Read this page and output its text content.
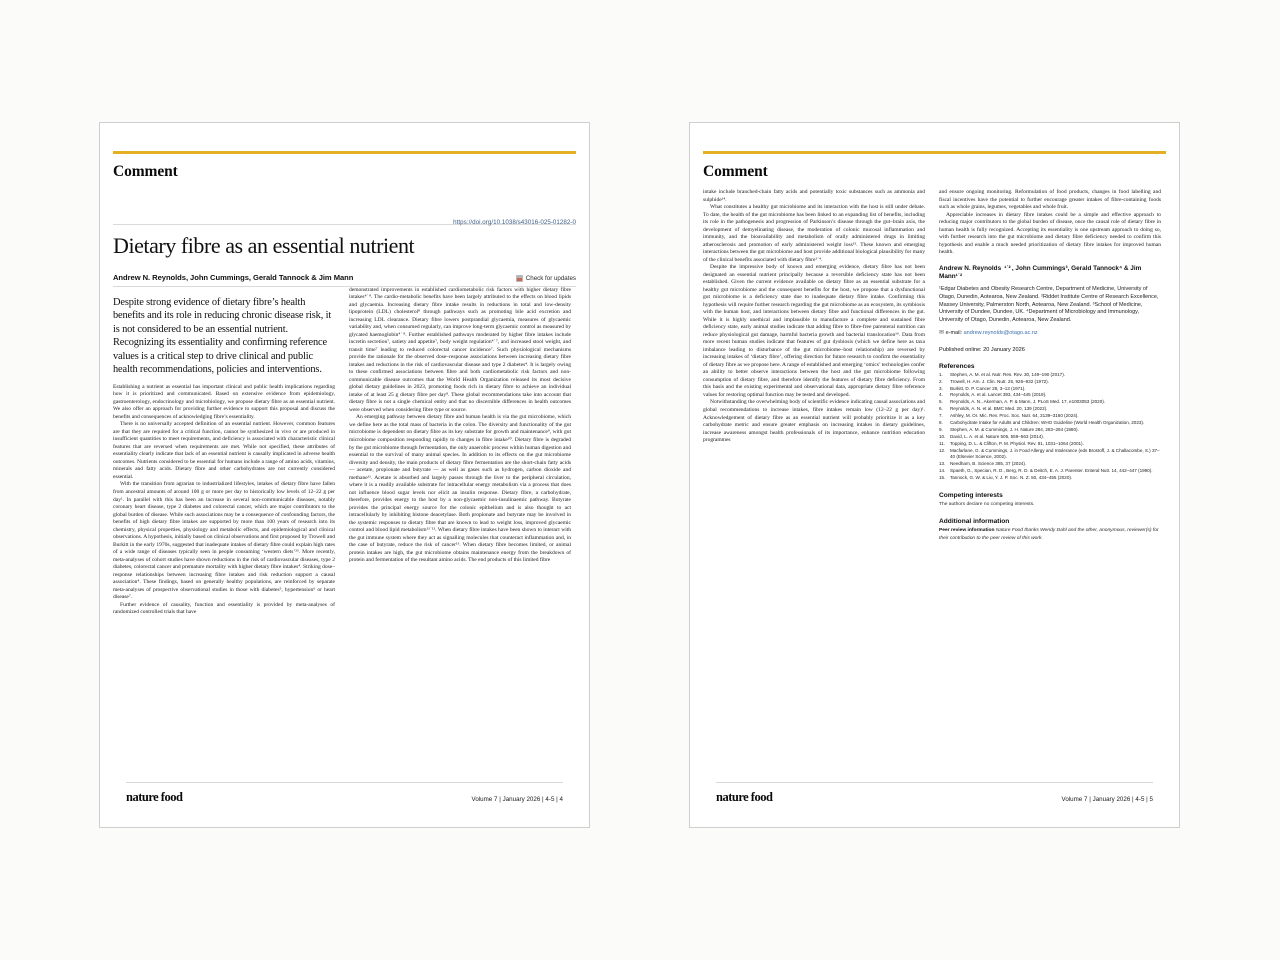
Comment
https://doi.org/10.1038/s43016-025-01282-0
Dietary fibre as an essential nutrient
Andrew N. Reynolds, John Cummings, Gerald Tannock & Jim Mann	Check for updates
Despite strong evidence of dietary fibre’s health benefits and its role in reducing chronic disease risk, it is not considered to be an essential nutrient. Recognizing its essentiality and confirming reference values is a critical step to drive clinical and public health recommendations, policies and interventions.

Establishing a nutrient as essential has important clinical and public health implications regarding how it is prioritized and communicated. Based on extensive evidence from epidemiology, gastroenterology, endocrinology and microbiology, we propose dietary fibre as an essential nutrient. We also offer an approach for providing further evidence to support this proposal and discuss the benefits and consequences of acknowledging fibre’s essentiality.

There is no universally accepted definition of an essential nutrient. However, common features are that they are required for a critical function, cannot be synthesized in vivo or are produced in insufficient quantities to meet requirements, and deficiency is associated with characteristic clinical features that are reversed when requirements are met. While not specified, these attributes of essentiality clearly indicate that lack of an essential nutrient is causally implicated in adverse health outcomes. Nutrients considered to be essential for humans include a range of amino acids, vitamins, minerals and fatty acids. Dietary fibre and other carbohydrates are not currently considered essential.

With the transition from agrarian to industrialized lifestyles, intakes of dietary fibre have fallen from ancestral amounts of around 100 g or more per day to historically low levels of 12–22 g per day¹. In parallel with this has been an increase in several non-communicable diseases, notably coronary heart disease, type 2 diabetes and colorectal cancer, which are major contributors to the global burden of disease. While such associations may be a consequence of confounding factors, the benefits of high dietary fibre intakes are supported by more than 100 years of research into its chemistry, physical properties, physiology and metabolic effects, and epidemiological and clinical observations. A hypothesis, initially based on clinical observations and first proposed by Trowell and Burkitt in the early 1970s, suggested that inadequate intakes of dietary fibre could explain high rates of a wide range of diseases typically seen in people consuming ‘western diets’²³. More recently, meta-analyses of cohort studies have shown reductions in the risk of cardiovascular diseases, type 2 diabetes, colorectal cancer and premature mortality with higher dietary fibre intakes⁴. Striking dose–response relationships between increasing fibre intakes and risk reduction support a causal association⁴. These findings, based on generally healthy populations, are reinforced by separate meta-analyses of prospective observational studies in those with diabetes⁵, hypertension⁶ or heart disease⁷.

Further evidence of causality, function and essentiality is provided by meta-analyses of randomized controlled trials that have

demonstrated improvements in established cardiometabolic risk factors with higher dietary fibre intakes⁴˙⁸. The cardio-metabolic benefits have been largely attributed to the effects on blood lipids and glycaemia. Increasing dietary fibre intake results in reductions in total and low-density lipoprotein (LDL) cholesterol⁸ through pathways such as promoting bile acid excretion and increasing LDL clearance. Dietary fibre lowers postprandial glycaemia, measures of glycaemic variability and, when consumed regularly, can improve long-term glycaemic control as measured by glycated haemoglobin⁴˙⁸. Further established pathways moderated by higher fibre intakes include incretin secretion⁷, satiety and appetite⁷, body weight regulation⁴˙⁷, and increased stool weight, and transit time⁷ leading to reduced colorectal cancer incidence⁷. Such physiological mechanisms provide the rationale for the observed dose–response associations between increasing dietary fibre intakes and reductions in the risk of cardiovascular disease and type 2 diabetes⁴. It is largely owing to these confirmed associations between fibre and both cardiometabolic risk factors and non-communicable disease outcomes that the World Health Organization released its most decisive global dietary guidelines in 2023, promoting foods rich in dietary fibre to achieve an individual intake of at least 25 g dietary fibre per day⁸. These global recommendations take into account that dietary fibre is not a single chemical entity and that no discernible differences in health outcomes were observed when considering fibre type or source.

An emerging pathway between dietary fibre and human health is via the gut microbiome, which we define here as the total mass of bacteria in the colon. The diversity and functionality of the gut microbiome is dependent on dietary fibre as its key substrate for growth and maintenance⁹, with gut microbiome composition responding rapidly to changes in fibre intake¹⁰. Dietary fibre is degraded by the gut microbiome through fermentation, the only anaerobic process within human digestion and essential to the survival of many animal species. In addition to its effects on the gut microbiome diversity and density, the main products of dietary fibre fermentation are the short-chain fatty acids — acetate, propionate and butyrate — as well as gases such as hydrogen, carbon dioxide and methane¹¹. Acetate is absorbed and largely passes through the liver to the peripheral circulation, where it is a readily available substrate for intracellular energy metabolism via a process that does not influence blood sugar levels nor elicit an insulin response. Dietary fibre, a carbohydrate, therefore, provides energy to the host by a non-glycaemic non-insulinaemic pathway. Butyrate provides the principal energy source for the colonic epithelium and is also thought to act intracellularly by inhibiting histone deacetylase. Both propionate and butyrate may be involved in the systemic responses to dietary fibre that are known to lead to weight loss, improved glycaemic control and blood lipid metabolism¹¹˙¹². When dietary fibre intakes have been shown to interact with the gut immune system where they act as signalling molecules that counteract inflammation and, in the case of butyrate, reduce the risk of cancer¹³. When dietary fibre becomes limited, or animal protein intakes are high, the gut microbiome obtains maintenance energy from the breakdown of protein and fermentation of the resultant amino acids. The end products of this limited fibre

nature food	Volume 7 | January 2026 | 4-5 | 4
Comment

intake include branched-chain fatty acids and potentially toxic substances such as ammonia and sulphide¹⁴.

What constitutes a healthy gut microbiome and its interaction with the host is still under debate. To date, the health of the gut microbiome has been linked to an expanding list of benefits, including its role in the pathogenesis and progression of Parkinson’s disease through the gut–brain axis, the development of demyelinating disease, the moderation of colonic mucosal inflammation and immunity, and the bioavailability and metabolism of orally administered drugs in limiting atherosclerosis and promotion of early administered weight loss¹⁵. These known and emerging interactions between the gut microbiome and host provide additional biological plausibility for many of the clinical benefits associated with dietary fibre¹˙⁴.

Despite the impressive body of known and emerging evidence, dietary fibre has not been designated an essential nutrient principally because a reversible deficiency state has not been established. Given the current evidence available on dietary fibre as an essential substrate for a healthy gut microbiome and the consequent benefits for the host, we propose that a dysfunctional gut microbiome is a deficiency state due to inadequate dietary fibre intake. Confirming this hypothesis will require further research regarding the gut microbiome as an ecosystem, its symbiosis with the human host, and interactions between dietary fibre and functional differences in the gut. While it is highly unethical and implausible to manufacture a complete and sustained fibre deficiency state, early animal studies indicate that adding fibre to fibre-free parenteral nutrition can reduce physiological gut damage, harmful bacteria growth and bacterial translocation¹⁶. Data from more recent human studies indicate that features of gut dysbiosis (which we define here as taxa imbalance leading to disturbance of the gut microbiome–host relationship) are reversed by increasing intakes of ‘dietary fibre’, offering direction for future research to confirm the essentiality of dietary fibre as we propose here. A range of established and emerging ‘omics’ technologies confer an ability to better observe interactions between the host and the gut microbiome following consumption of dietary fibre, and therefore identify the features of dietary fibre deficiency. From this basis and the existing experimental and observational data, appropriate dietary fibre reference values for restoring optimal function may be tested and developed.

Notwithstanding the overwhelming body of scientific evidence indicating causal associations and global recommendations to increase intakes, fibre intakes remain low (12–22 g per day)¹. Acknowledgement of dietary fibre as an essential nutrient will probably prioritize it as a key carbohydrate metric and ensure greater emphasis on increasing intakes in dietary guidelines, increase awareness amongst health professionals of its importance, enhance nutrition education programmes

and ensure ongoing monitoring. Reformulation of food products, changes in food labelling and fiscal incentives have the potential to further encourage greater intakes of fibre-containing foods such as whole grains, legumes, vegetables and whole fruit.

Appreciable increases in dietary fibre intakes could be a simple and effective approach to reducing major contributors to the global burden of disease, once the causal role of dietary fibre in human health is fully recognized. Accepting its essentiality is one upstream approach to doing so, with further research into the gut microbiome and dietary fibre deficiency needed to confirm this hypothesis and enable a much needed prioritization of dietary fibre intakes for improved human health.

Andrew N. Reynolds  ¹˙² , John Cummings³, Gerald Tannock⁴ & Jim Mann¹˙²
¹Edgar Diabetes and Obesity Research Centre, Department of Medicine, University of Otago, Dunedin, Aotearoa, New Zealand. ²Riddet Institute Centre of Research Excellence, Massey University, Palmerston North, Aotearoa, New Zealand. ³School of Medicine, University of Dundee, Dundee, UK. ⁴Department of Microbiology and Immunology, University of Otago, Dunedin, Aotearoa, New Zealand.
✉ e-mail: andrew.reynolds@otago.ac.nz
Published online: 20 January 2026
References
Stephen, A. M. et al. Nutr. Res. Rev. 30, 149–190 (2017).
Trowell, H. Am. J. Clin. Nutr. 25, 926–932 (1972).
Burkitt, D. P. Cancer 28, 3–13 (1971).
Reynolds, A. et al. Lancet 393, 434–445 (2019).
Reynolds, A. N., Akerman, A. P. & Mann, J. PLoS Med. 17, e1003053 (2020).
Reynolds, A. N. et al. BMC Med. 20, 139 (2022).
Ashley, M. Or. Mic. Rev. Proc. Soc. Nutr. 64, 3139–3160 (2024).
Carbohydrate Intake for Adults and Children: WHO Guideline (World Health Organization, 2023).
Stephen, A. M. & Cummings, J. H. Nature 284, 283–284 (1980).
David, L. A. et al. Nature 505, 559–563 (2014).
Topping, D. L. & Clifton, P. M. Physiol. Rev. 81, 1031–1064 (2001).
Macfarlane, G. & Cummings, J. in Food Allergy and Intolerance (eds Brostoff, J. & Challacombe, S.) 37–40 (Elsevier Science, 2002).
Needham, B. Science 385, 37 (2024).
Spaeth, G., Specian, R. D., Berg, R. D. & Deitch, E. A. J. Parenter. Enteral Nutr. 14, 442–447 (1990).
Tannock, G. W. & Liu, Y. J. P. Soc. N. Z. 50, 434–455 (2020).
Competing interests
The authors declare no competing interests.
Additional information
Peer review information Nature Food thanks Wendy Dahl and the other, anonymous, reviewer(s) for their contribution to the peer review of this work.
nature food	Volume 7 | January 2026 | 4-5 | 5
